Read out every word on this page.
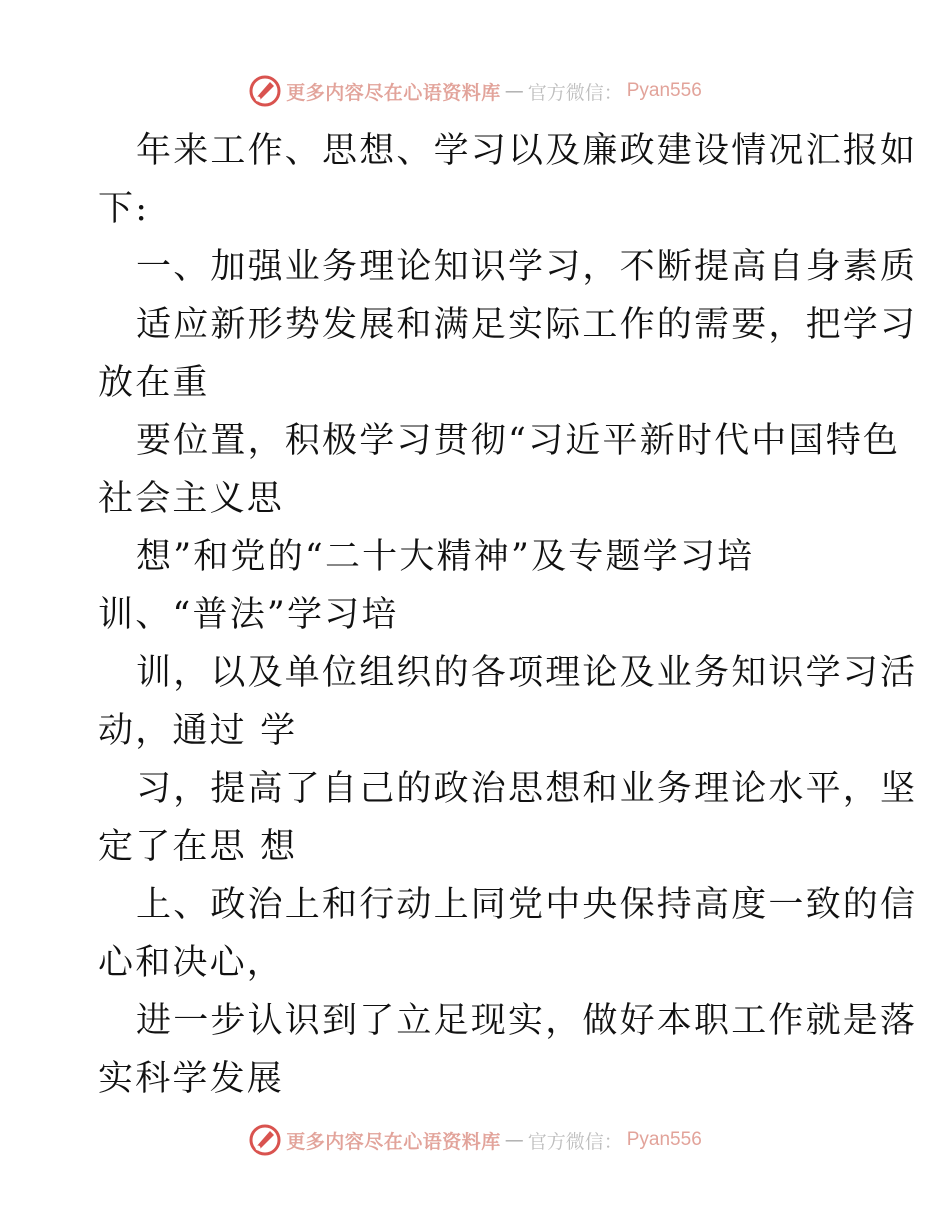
更多内容尽在心语资料库 — 官方微信： Pyan556
年来工作、思想、学习以及廉政建设情况汇报如
下:
一、加强业务理论知识学习，不断提高自身素质
适应新形势发展和满足实际工作的需要，把学习
放在重
要位置，积极学习贯彻“习近平新时代中国特色
社会主义思
想”和党的“二十大精神”及专题学习培
训、“普法”学习培
训，以及单位组织的各项理论及业务知识学习活
动，通过 学
习，提高了自己的政治思想和业务理论水平，坚
定了在思 想
上、政治上和行动上同党中央保持高度一致的信
心和决心，
进一步认识到了立足现实，做好本职工作就是落
实科学发展
更多内容尽在心语资料库 — 官方微信： Pyan556
